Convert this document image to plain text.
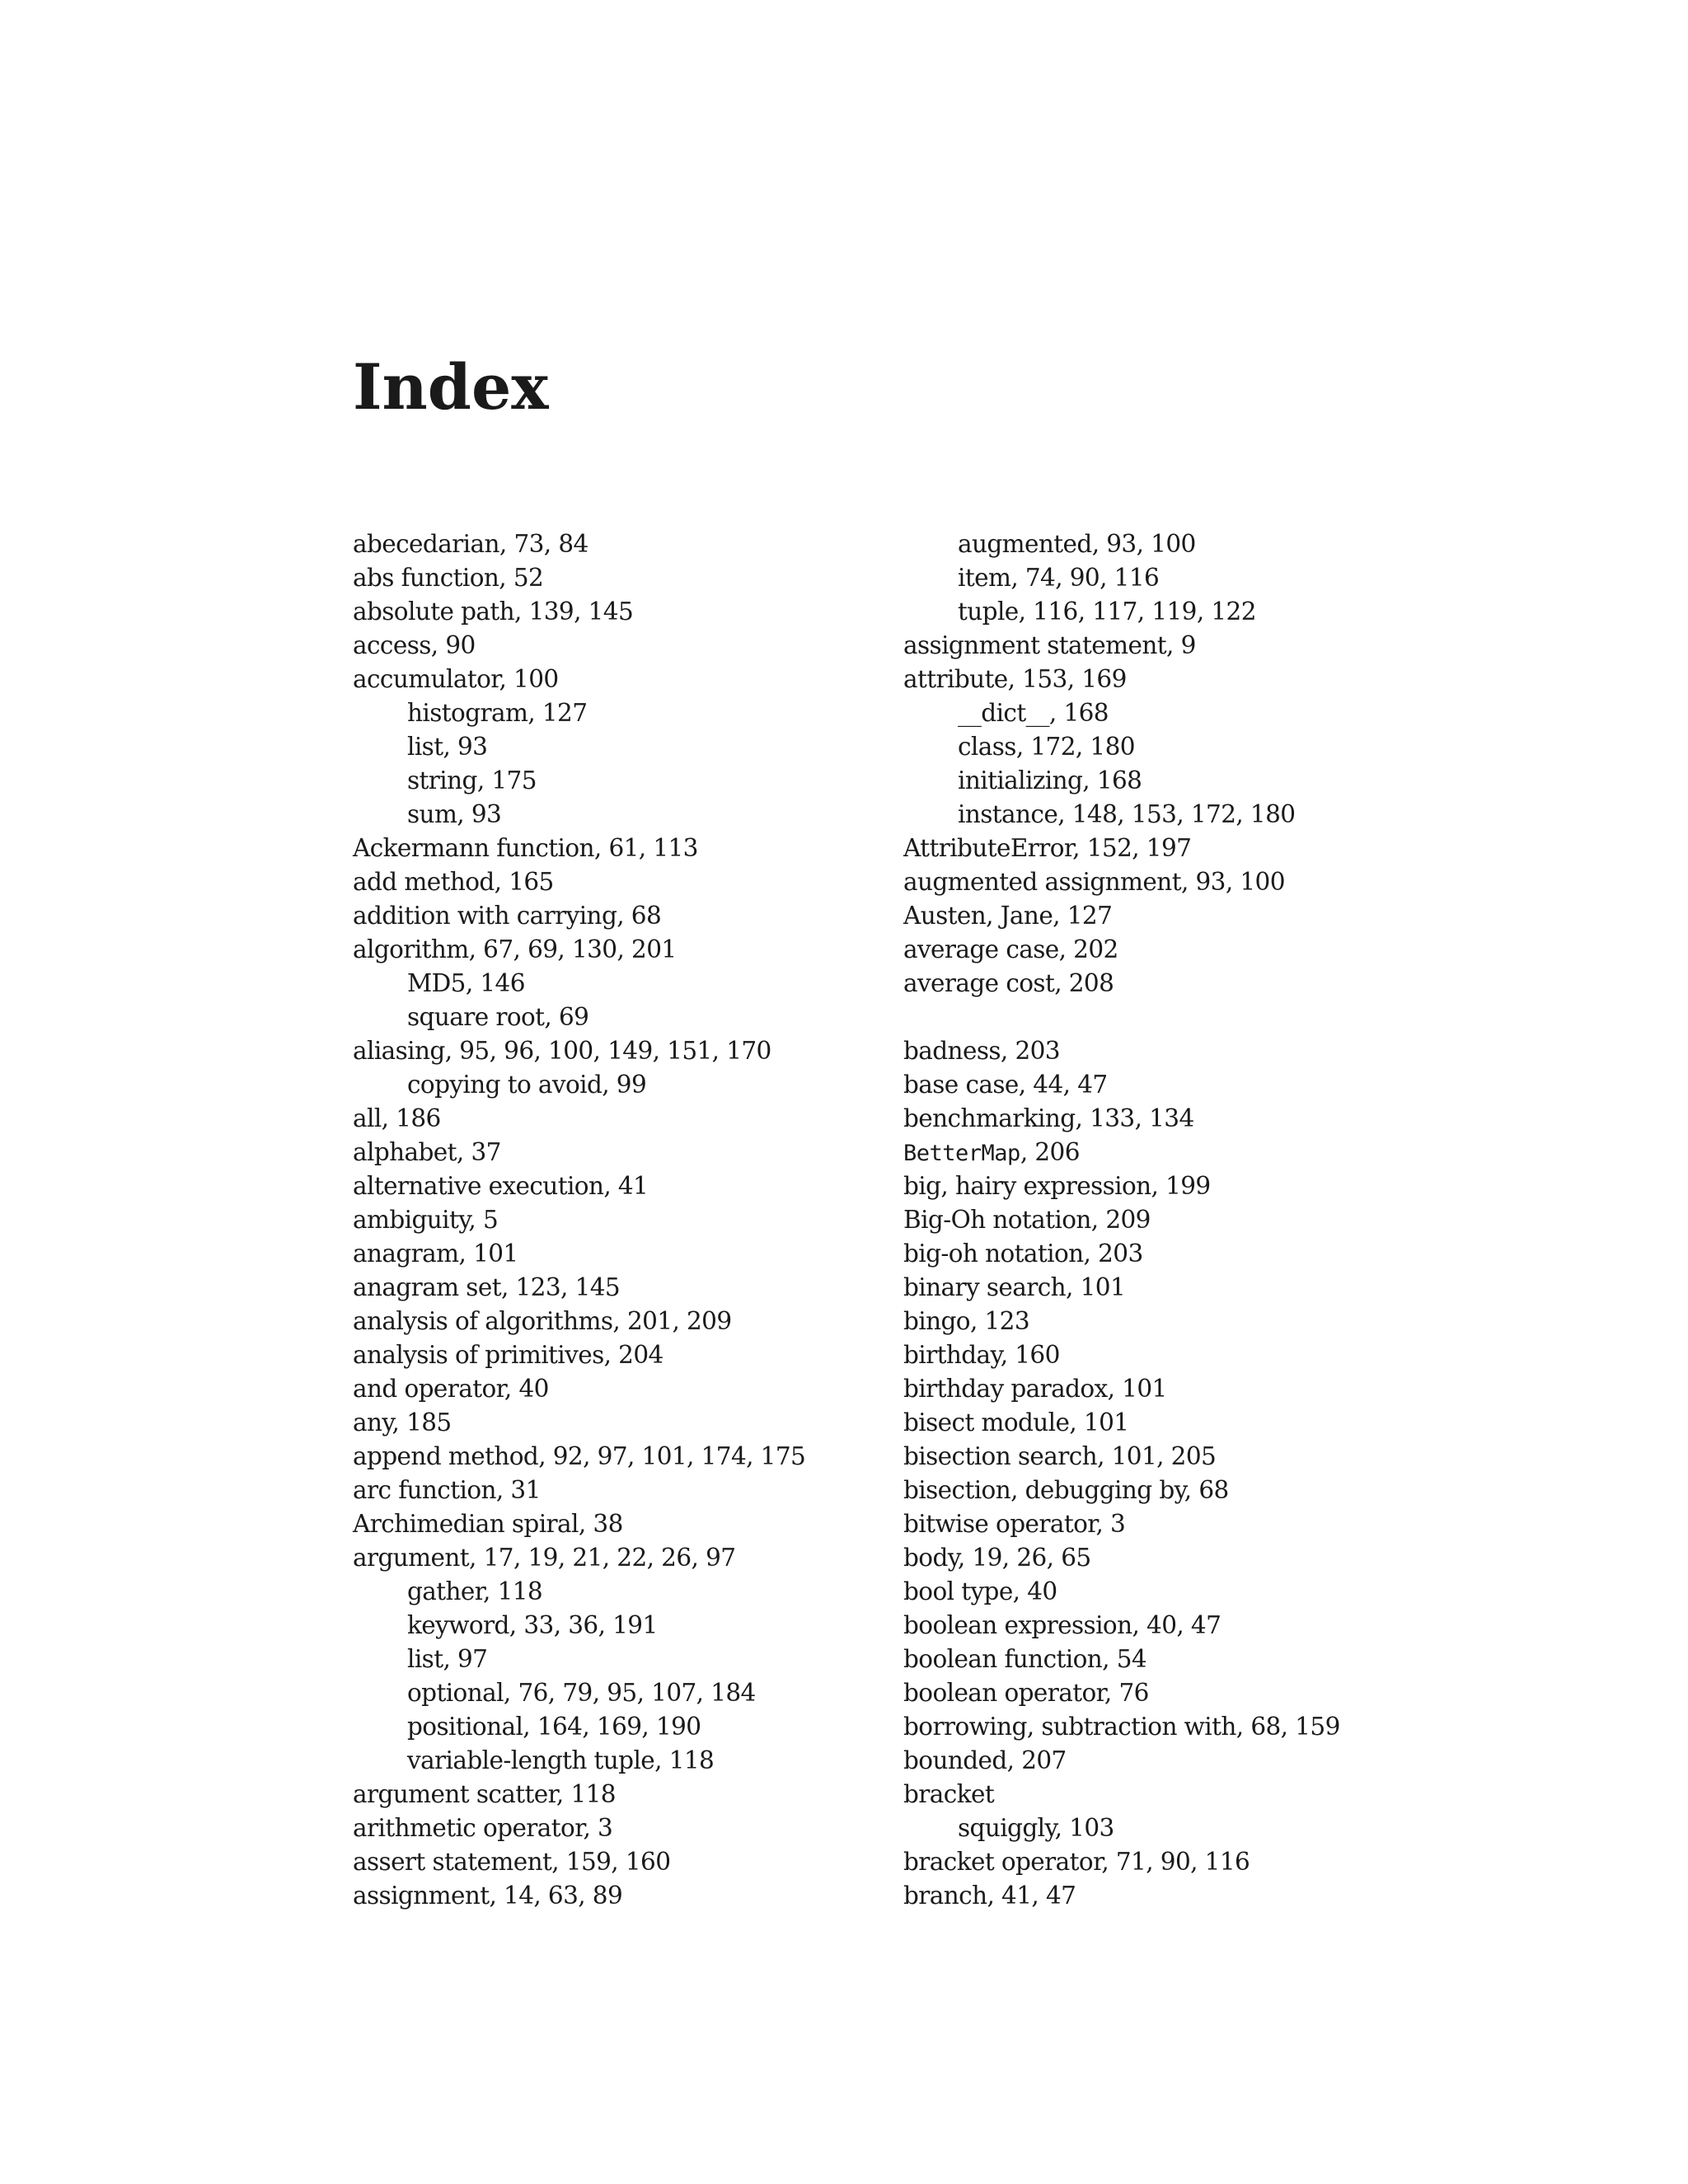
Index
abecedarian, 73, 84
abs function, 52
absolute path, 139, 145
access, 90
accumulator, 100
histogram, 127
list, 93
string, 175
sum, 93
Ackermann function, 61, 113
add method, 165
addition with carrying, 68
algorithm, 67, 69, 130, 201
MD5, 146
square root, 69
aliasing, 95, 96, 100, 149, 151, 170
copying to avoid, 99
all, 186
alphabet, 37
alternative execution, 41
ambiguity, 5
anagram, 101
anagram set, 123, 145
analysis of algorithms, 201, 209
analysis of primitives, 204
and operator, 40
any, 185
append method, 92, 97, 101, 174, 175
arc function, 31
Archimedian spiral, 38
argument, 17, 19, 21, 22, 26, 97
gather, 118
keyword, 33, 36, 191
list, 97
optional, 76, 79, 95, 107, 184
positional, 164, 169, 190
variable-length tuple, 118
argument scatter, 118
arithmetic operator, 3
assert statement, 159, 160
assignment, 14, 63, 89
augmented, 93, 100
item, 74, 90, 116
tuple, 116, 117, 119, 122
assignment statement, 9
attribute, 153, 169
__dict__, 168
class, 172, 180
initializing, 168
instance, 148, 153, 172, 180
AttributeError, 152, 197
augmented assignment, 93, 100
Austen, Jane, 127
average case, 202
average cost, 208
badness, 203
base case, 44, 47
benchmarking, 133, 134
BetterMap, 206
big, hairy expression, 199
Big-Oh notation, 209
big-oh notation, 203
binary search, 101
bingo, 123
birthday, 160
birthday paradox, 101
bisect module, 101
bisection search, 101, 205
bisection, debugging by, 68
bitwise operator, 3
body, 19, 26, 65
bool type, 40
boolean expression, 40, 47
boolean function, 54
boolean operator, 76
borrowing, subtraction with, 68, 159
bounded, 207
bracket
squiggly, 103
bracket operator, 71, 90, 116
branch, 41, 47
